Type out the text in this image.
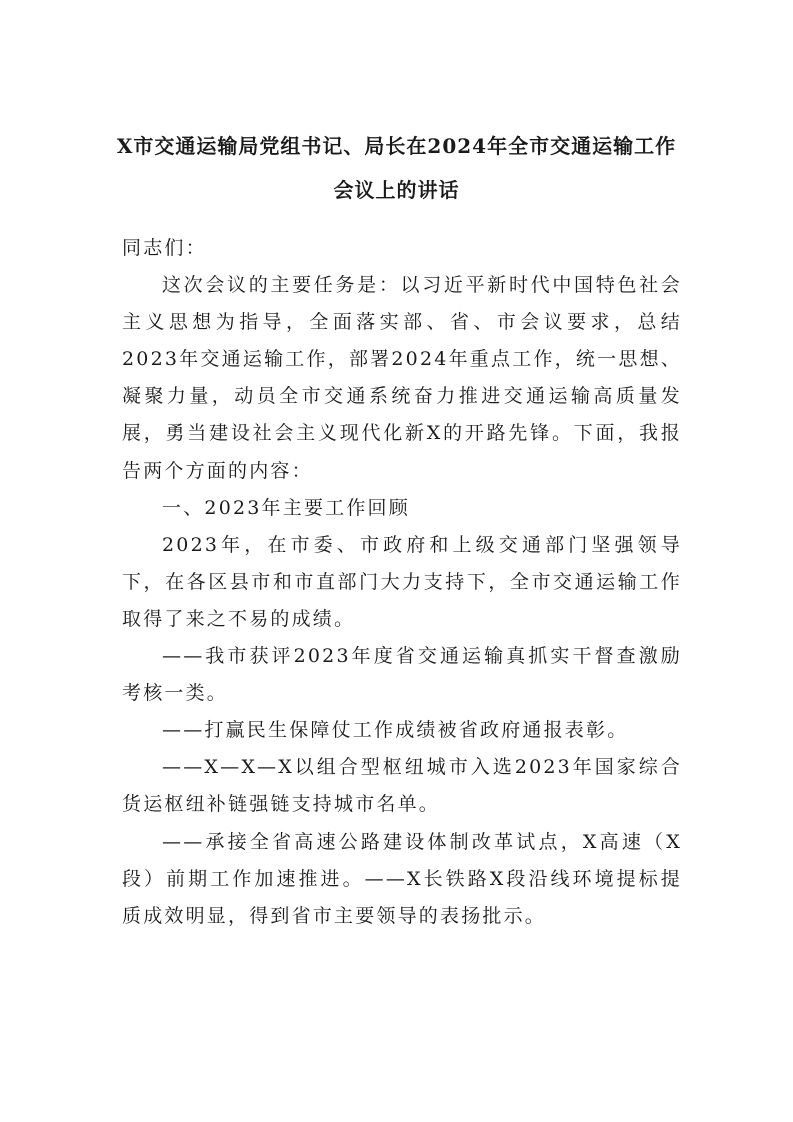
X市交通运输局党组书记、局长在2024年全市交通运输工作
会议上的讲话

同志们：

这次会议的主要任务是：以习近平新时代中国特色社会主义思想为指导，全面落实部、省、市会议要求，总结2023年交通运输工作，部署2024年重点工作，统一思想、凝聚力量，动员全市交通系统奋力推进交通运输高质量发展，勇当建设社会主义现代化新X的开路先锋。下面，我报告两个方面的内容：

一、2023年主要工作回顾

2023年，在市委、市政府和上级交通部门坚强领导下，在各区县市和市直部门大力支持下，全市交通运输工作取得了来之不易的成绩。

——我市获评2023年度省交通运输真抓实干督查激励考核一类。

——打赢民生保障仗工作成绩被省政府通报表彰。

——X—X—X以组合型枢纽城市入选2023年国家综合货运枢纽补链强链支持城市名单。

——承接全省高速公路建设体制改革试点，X高速（X段）前期工作加速推进。——X长铁路X段沿线环境提标提质成效明显，得到省市主要领导的表扬批示。
